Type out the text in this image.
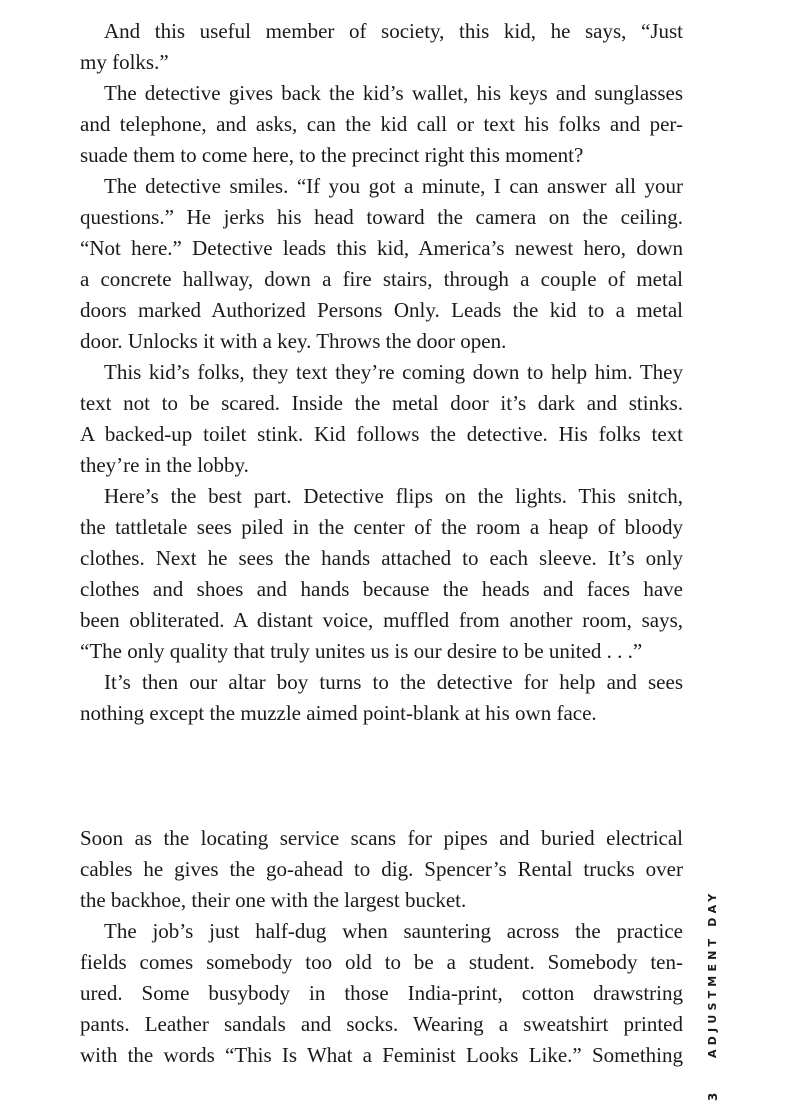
And this useful member of society, this kid, he says, “Just
my folks.”
The detective gives back the kid’s wallet, his keys and sunglasses
and telephone, and asks, can the kid call or text his folks and per-
suade them to come here, to the precinct right this moment?
The detective smiles. “If you got a minute, I can answer all your
questions.” He jerks his head toward the camera on the ceiling.
“Not here.” Detective leads this kid, America’s newest hero, down
a concrete hallway, down a fire stairs, through a couple of metal
doors marked Authorized Persons Only. Leads the kid to a metal
door. Unlocks it with a key. Throws the door open.
This kid’s folks, they text they’re coming down to help him. They
text not to be scared. Inside the metal door it’s dark and stinks.
A backed-up toilet stink. Kid follows the detective. His folks text
they’re in the lobby.
Here’s the best part. Detective flips on the lights. This snitch,
the tattletale sees piled in the center of the room a heap of bloody
clothes. Next he sees the hands attached to each sleeve. It’s only
clothes and shoes and hands because the heads and faces have
been obliterated. A distant voice, muffled from another room, says,
“The only quality that truly unites us is our desire to be united . . .”
It’s then our altar boy turns to the detective for help and sees
nothing except the muzzle aimed point-blank at his own face.
Soon as the locating service scans for pipes and buried electrical
cables he gives the go-ahead to dig. Spencer’s Rental trucks over
the backhoe, their one with the largest bucket.
The job’s just half-dug when sauntering across the practice
fields comes somebody too old to be a student. Somebody ten-
ured. Some busybody in those India-print, cotton drawstring
pants. Leather sandals and socks. Wearing a sweatshirt printed
with the words “This Is What a Feminist Looks Like.” Something ADJUSTMENT DAY
3
